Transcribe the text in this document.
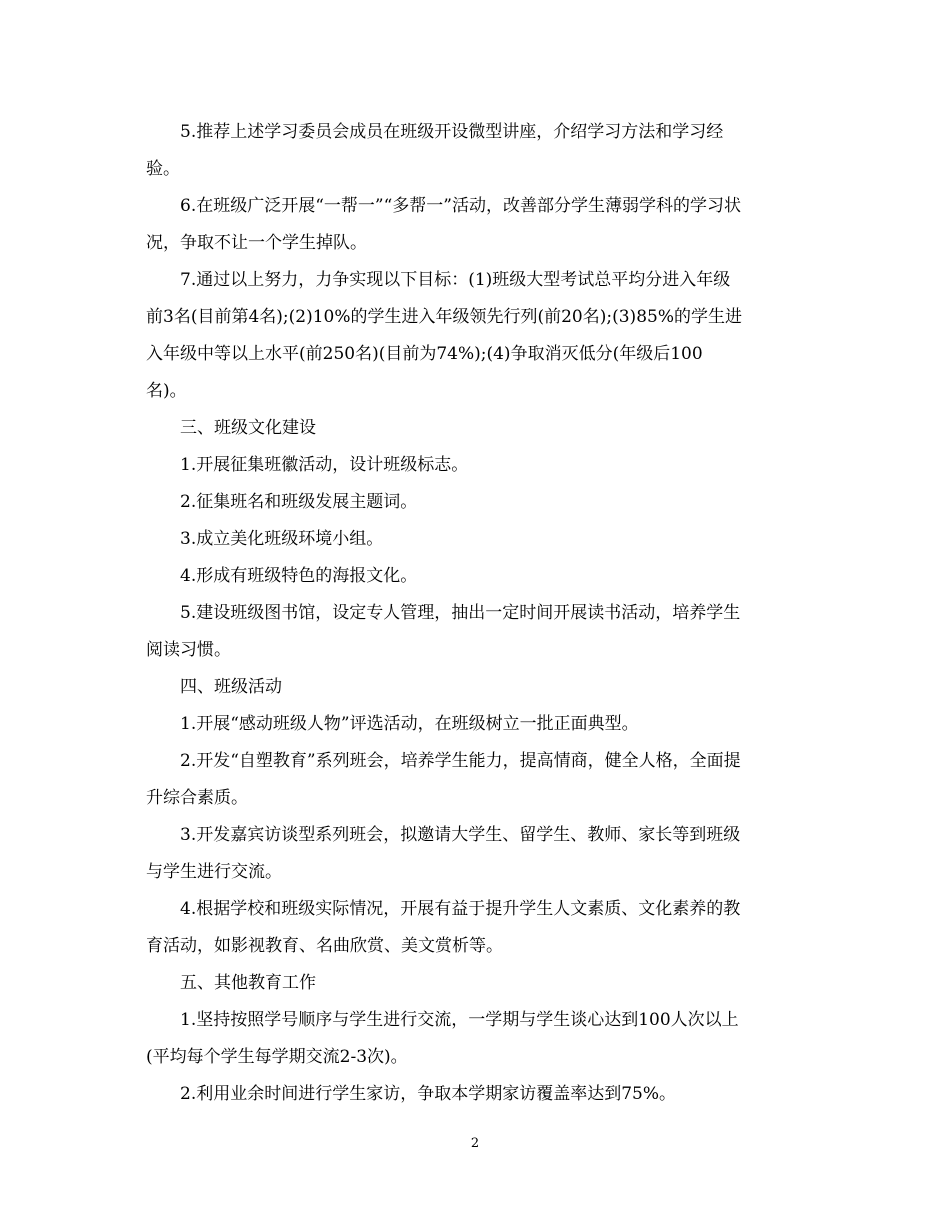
5.推荐上述学习委员会成员在班级开设微型讲座，介绍学习方法和学习经
验。

6.在班级广泛开展“一帮一”“多帮一”活动，改善部分学生薄弱学科的学习状
况，争取不让一个学生掉队。

7.通过以上努力，力争实现以下目标：(1)班级大型考试总平均分进入年级
前3名(目前第4名);(2)10%的学生进入年级领先行列(前20名);(3)85%的学生进
入年级中等以上水平(前250名)(目前为74%);(4)争取消灭低分(年级后100
名)。

三、班级文化建设

1.开展征集班徽活动，设计班级标志。

2.征集班名和班级发展主题词。

3.成立美化班级环境小组。

4.形成有班级特色的海报文化。

5.建设班级图书馆，设定专人管理，抽出一定时间开展读书活动，培养学生
阅读习惯。

四、班级活动

1.开展“感动班级人物”评选活动，在班级树立一批正面典型。

2.开发“自塑教育”系列班会，培养学生能力，提高情商，健全人格，全面提
升综合素质。

3.开发嘉宾访谈型系列班会，拟邀请大学生、留学生、教师、家长等到班级
与学生进行交流。

4.根据学校和班级实际情况，开展有益于提升学生人文素质、文化素养的教
育活动，如影视教育、名曲欣赏、美文赏析等。

五、其他教育工作

1.坚持按照学号顺序与学生进行交流，一学期与学生谈心达到100人次以上
(平均每个学生每学期交流2-3次)。

2.利用业余时间进行学生家访，争取本学期家访覆盖率达到75%。

2
